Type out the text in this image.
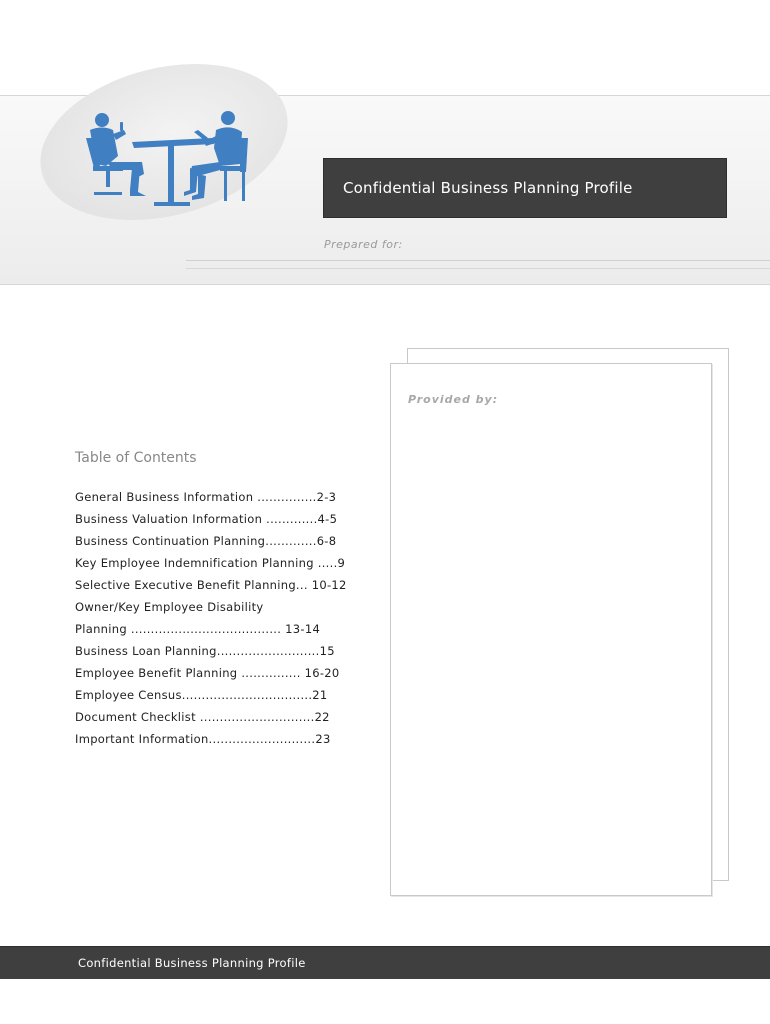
Confidential Business Planning Profile
Prepared for:
Provided by:
Table of Contents
General Business Information ...............2-3
Business Valuation Information .............4-5
Business Continuation Planning.............6-8
Key Employee Indemnification Planning .....9
Selective Executive Benefit Planning... 10-12
Owner/Key Employee Disability
Planning ...................................... 13-14
Business Loan Planning..........................15
Employee Benefit Planning ............... 16-20
Employee Census.................................21
Document Checklist .............................22
Important Information...........................23
Confidential Business Planning Profile
